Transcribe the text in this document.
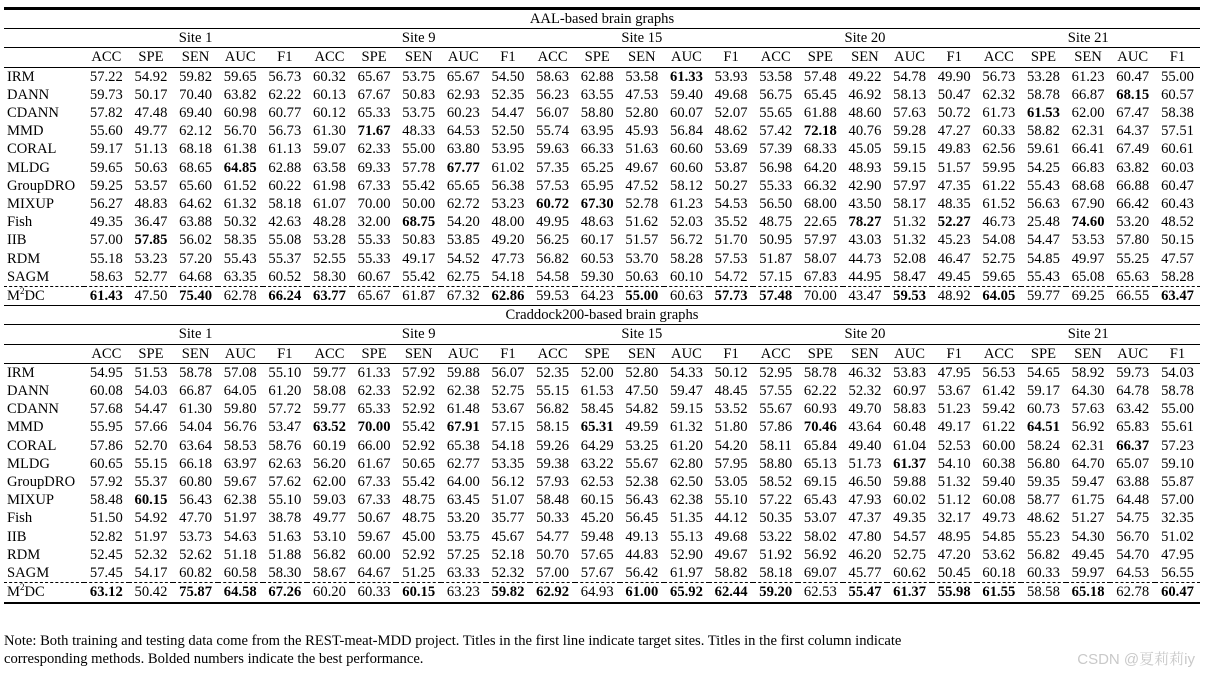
AAL-based brain graphs																									
	Site 1					Site 9					Site 15					Site 20					Site 21				
	ACC	SPE	SEN	AUC	F1	ACC	SPE	SEN	AUC	F1	ACC	SPE	SEN	AUC	F1	ACC	SPE	SEN	AUC	F1	ACC	SPE	SEN	AUC	F1
IRM	57.22	54.92	59.82	59.65	56.73	60.32	65.67	53.75	65.67	54.50	58.63	62.88	53.58	61.33	53.93	53.58	57.48	49.22	54.78	49.90	56.73	53.28	61.23	60.47	55.00
DANN	59.73	50.17	70.40	63.82	62.22	60.13	67.67	50.83	62.93	52.35	56.23	63.55	47.53	59.40	49.68	56.75	65.45	46.92	58.13	50.47	62.32	58.78	66.87	68.15	60.57
CDANN	57.82	47.48	69.40	60.98	60.77	60.12	65.33	53.75	60.23	54.47	56.07	58.80	52.80	60.07	52.07	55.65	61.88	48.60	57.63	50.72	61.73	61.53	62.00	67.47	58.38
MMD	55.60	49.77	62.12	56.70	56.73	61.30	71.67	48.33	64.53	52.50	55.74	63.95	45.93	56.84	48.62	57.42	72.18	40.76	59.28	47.27	60.33	58.82	62.31	64.37	57.51
CORAL	59.17	51.13	68.18	61.38	61.13	59.07	62.33	55.00	63.80	53.95	59.63	66.33	51.63	60.60	53.69	57.39	68.33	45.05	59.15	49.83	62.56	59.61	66.41	67.49	60.61
MLDG	59.65	50.63	68.65	64.85	62.88	63.58	69.33	57.78	67.77	61.02	57.35	65.25	49.67	60.60	53.87	56.98	64.20	48.93	59.15	51.57	59.95	54.25	66.83	63.82	60.03
GroupDRO	59.25	53.57	65.60	61.52	60.22	61.98	67.33	55.42	65.65	56.38	57.53	65.95	47.52	58.12	50.27	55.33	66.32	42.90	57.97	47.35	61.22	55.43	68.68	66.88	60.47
MIXUP	56.27	48.83	64.62	61.32	58.18	61.07	70.00	50.00	62.72	53.23	60.72	67.30	52.78	61.23	54.53	56.50	68.00	43.50	58.17	48.35	61.52	56.63	67.90	66.42	60.43
Fish	49.35	36.47	63.88	50.32	42.63	48.28	32.00	68.75	54.20	48.00	49.95	48.63	51.62	52.03	35.52	48.75	22.65	78.27	51.32	52.27	46.73	25.48	74.60	53.20	48.52
IIB	57.00	57.85	56.02	58.35	55.08	53.28	55.33	50.83	53.85	49.20	56.25	60.17	51.57	56.72	51.70	50.95	57.97	43.03	51.32	45.23	54.08	54.47	53.53	57.80	50.15
RDM	55.18	53.23	57.20	55.43	55.37	52.55	55.33	49.17	54.52	47.73	56.82	60.53	53.70	58.28	57.53	51.87	58.07	44.73	52.08	46.47	52.75	54.85	49.97	55.25	47.57
SAGM	58.63	52.77	64.68	63.35	60.52	58.30	60.67	55.42	62.75	54.18	54.58	59.30	50.63	60.10	54.72	57.15	67.83	44.95	58.47	49.45	59.65	55.43	65.08	65.63	58.28
$M^2DC$	61.43	47.50	75.40	62.78	66.24	63.77	65.67	61.87	67.32	62.86	59.53	64.23	55.00	60.63	57.73	57.48	70.00	43.47	59.53	48.92	64.05	59.77	69.25	66.55	63.47
Craddock200-based brain graphs																									
	Site 1					Site 9					Site 15					Site 20					Site 21				
	ACC	SPE	SEN	AUC	F1	ACC	SPE	SEN	AUC	F1	ACC	SPE	SEN	AUC	F1	ACC	SPE	SEN	AUC	F1	ACC	SPE	SEN	AUC	F1
IRM	54.95	51.53	58.78	57.08	55.10	59.77	61.33	57.92	59.88	56.07	52.35	52.00	52.80	54.33	50.12	52.95	58.78	46.32	53.83	47.95	56.53	54.65	58.92	59.73	54.03
DANN	60.08	54.03	66.87	64.05	61.20	58.08	62.33	52.92	62.38	52.75	55.15	61.53	47.50	59.47	48.45	57.55	62.22	52.32	60.97	53.67	61.42	59.17	64.30	64.78	58.78
CDANN	57.68	54.47	61.30	59.80	57.72	59.77	65.33	52.92	61.48	53.67	56.82	58.45	54.82	59.15	53.52	55.67	60.93	49.70	58.83	51.23	59.42	60.73	57.63	63.42	55.00
MMD	55.95	57.66	54.04	56.76	53.47	63.52	70.00	55.42	67.91	57.15	58.15	65.31	49.59	61.32	51.80	57.86	70.46	43.64	60.48	49.17	61.22	64.51	56.92	65.83	55.61
CORAL	57.86	52.70	63.64	58.53	58.76	60.19	66.00	52.92	65.38	54.18	59.26	64.29	53.25	61.20	54.20	58.11	65.84	49.40	61.04	52.53	60.00	58.24	62.31	66.37	57.23
MLDG	60.65	55.15	66.18	63.97	62.63	56.20	61.67	50.65	62.77	53.35	59.38	63.22	55.67	62.80	57.95	58.80	65.13	51.73	61.37	54.10	60.38	56.80	64.70	65.07	59.10
GroupDRO	57.92	55.37	60.80	59.67	57.62	62.00	67.33	55.42	64.00	56.12	57.93	62.53	52.38	62.50	53.05	58.52	69.15	46.50	59.88	51.32	59.40	59.35	59.47	63.88	55.87
MIXUP	58.48	60.15	56.43	62.38	55.10	59.03	67.33	48.75	63.45	51.07	58.48	60.15	56.43	62.38	55.10	57.22	65.43	47.93	60.02	51.12	60.08	58.77	61.75	64.48	57.00
Fish	51.50	54.92	47.70	51.97	38.78	49.77	50.67	48.75	53.20	35.77	50.33	45.20	56.45	51.35	44.12	50.35	53.07	47.37	49.35	32.17	49.73	48.62	51.27	54.75	32.35
IIB	52.82	51.97	53.73	54.63	51.63	53.10	59.67	45.00	53.75	45.67	54.77	59.48	49.13	55.13	49.68	53.22	58.02	47.80	54.57	48.95	54.85	55.23	54.30	56.70	51.02
RDM	52.45	52.32	52.62	51.18	51.88	56.82	60.00	52.92	57.25	52.18	50.70	57.65	44.83	52.90	49.67	51.92	56.92	46.20	52.75	47.20	53.62	56.82	49.45	54.70	47.95
SAGM	57.45	54.17	60.82	60.58	58.30	58.67	64.67	51.25	63.33	52.32	57.00	57.67	56.42	61.97	58.82	58.18	69.07	45.77	60.62	50.45	60.18	60.33	59.97	64.53	56.55
$M^2DC$	63.12	50.42	75.87	64.58	67.26	60.20	60.33	60.15	63.23	59.82	62.92	64.93	61.00	65.92	62.44	59.20	62.53	55.47	61.37	55.98	61.55	58.58	65.18	62.78	60.47
Note: Both training and testing data come from the REST-meat-MDD project. Titles in the first line indicate target sites. Titles in the first column indicate
corresponding methods. Bolded numbers indicate the best performance.	CSDN @夏莉莉iy
